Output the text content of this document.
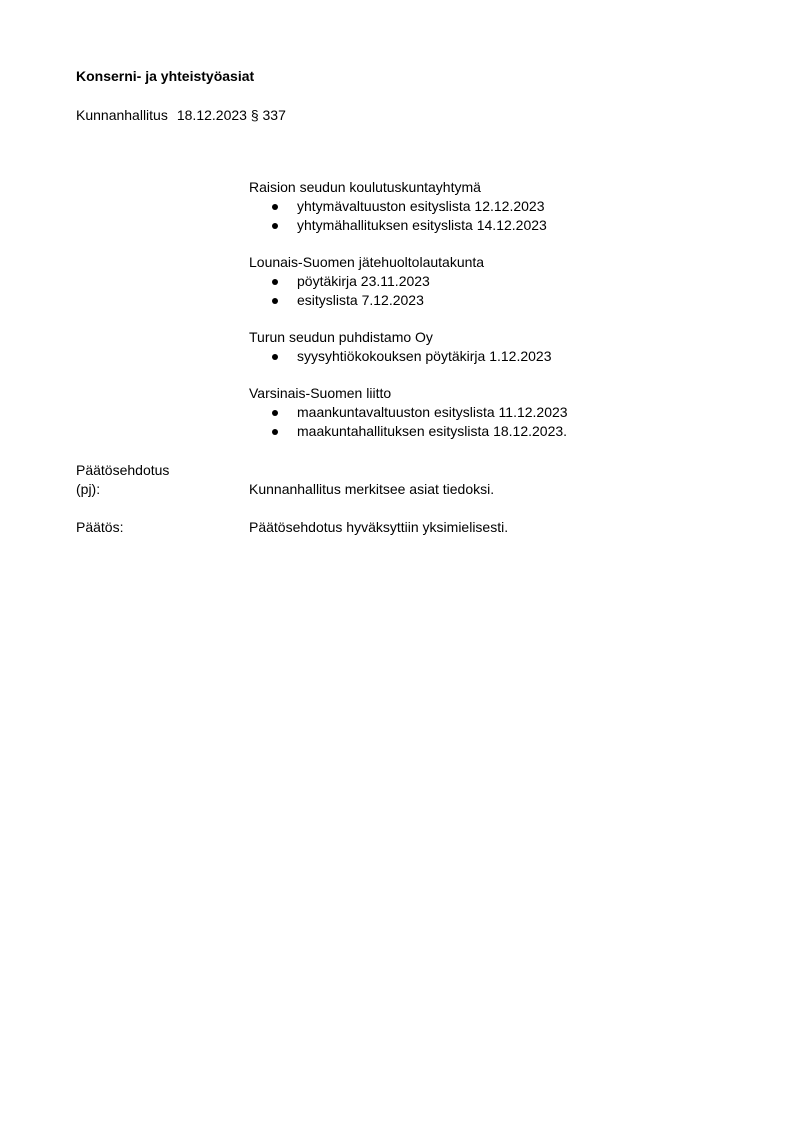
Konserni- ja yhteistyöasiat
Kunnanhallitus 18.12.2023 § 337
Raision seudun koulutuskuntayhtymä
yhtymävaltuuston esityslista 12.12.2023
yhtymähallituksen esityslista 14.12.2023
Lounais-Suomen jätehuoltolautakunta
pöytäkirja 23.11.2023
esityslista 7.12.2023
Turun seudun puhdistamo Oy
syysyhtiökokouksen pöytäkirja 1.12.2023
Varsinais-Suomen liitto
maankuntavaltuuston esityslista 11.12.2023
maakuntahallituksen esityslista 18.12.2023.
Päätösehdotus
(pj):	Kunnanhallitus merkitsee asiat tiedoksi.
Päätös:	Päätösehdotus hyväksyttiin yksimielisesti.
